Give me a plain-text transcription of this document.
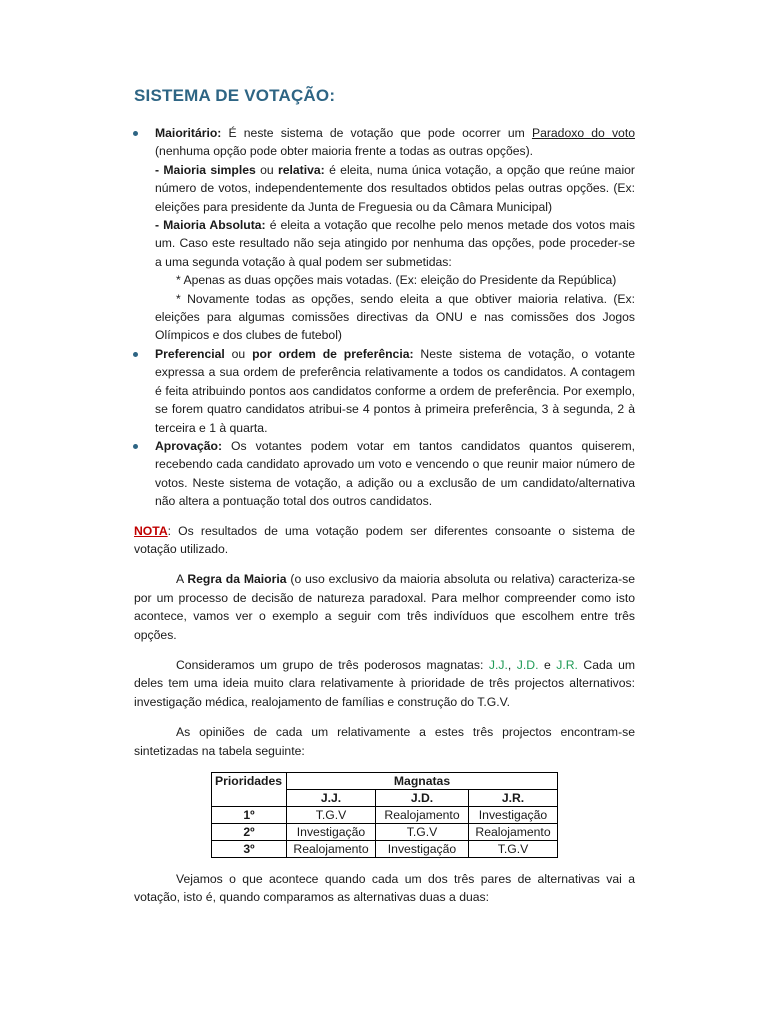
SISTEMA DE VOTAÇÃO:

Maioritário: É neste sistema de votação que pode ocorrer um Paradoxo do voto (nenhuma opção pode obter maioria frente a todas as outras opções).

- Maioria simples ou relativa: é eleita, numa única votação, a opção que reúne maior número de votos, independentemente dos resultados obtidos pelas outras opções. (Ex: eleições para presidente da Junta de Freguesia ou da Câmara Municipal)

- Maioria Absoluta: é eleita a votação que recolhe pelo menos metade dos votos mais um. Caso este resultado não seja atingido por nenhuma das opções, pode proceder-se a uma segunda votação à qual podem ser submetidas:

* Apenas as duas opções mais votadas. (Ex: eleição do Presidente da República)

* Novamente todas as opções, sendo eleita a que obtiver maioria relativa. (Ex: eleições para algumas comissões directivas da ONU e nas comissões dos Jogos Olímpicos e dos clubes de futebol)

Preferencial ou por ordem de preferência: Neste sistema de votação, o votante expressa a sua ordem de preferência relativamente a todos os candidatos. A contagem é feita atribuindo pontos aos candidatos conforme a ordem de preferência. Por exemplo, se forem quatro candidatos atribui-se 4 pontos à primeira preferência, 3 à segunda, 2 à terceira e 1 à quarta.

Aprovação: Os votantes podem votar em tantos candidatos quantos quiserem, recebendo cada candidato aprovado um voto e vencendo o que reunir maior número de votos. Neste sistema de votação, a adição ou a exclusão de um candidato/alternativa não altera a pontuação total dos outros candidatos.

NOTA: Os resultados de uma votação podem ser diferentes consoante o sistema de votação utilizado.

A Regra da Maioria (o uso exclusivo da maioria absoluta ou relativa) caracteriza-se por um processo de decisão de natureza paradoxal. Para melhor compreender como isto acontece, vamos ver o exemplo a seguir com três indivíduos que escolhem entre três opções.

Consideramos um grupo de três poderosos magnatas: J.J., J.D. e J.R. Cada um deles tem uma ideia muito clara relativamente à prioridade de três projectos alternativos: investigação médica, realojamento de famílias e construção do T.G.V.

As opiniões de cada um relativamente a estes três projectos encontram-se sintetizadas na tabela seguinte:

Prioridades		Magnatas	
	J.J.	J.D.	J.R.
1º	T.G.V	Realojamento	Investigação
2º	Investigação	T.G.V	Realojamento
3º	Realojamento	Investigação	T.G.V

Vejamos o que acontece quando cada um dos três pares de alternativas vai a votação, isto é, quando comparamos as alternativas duas a duas:
